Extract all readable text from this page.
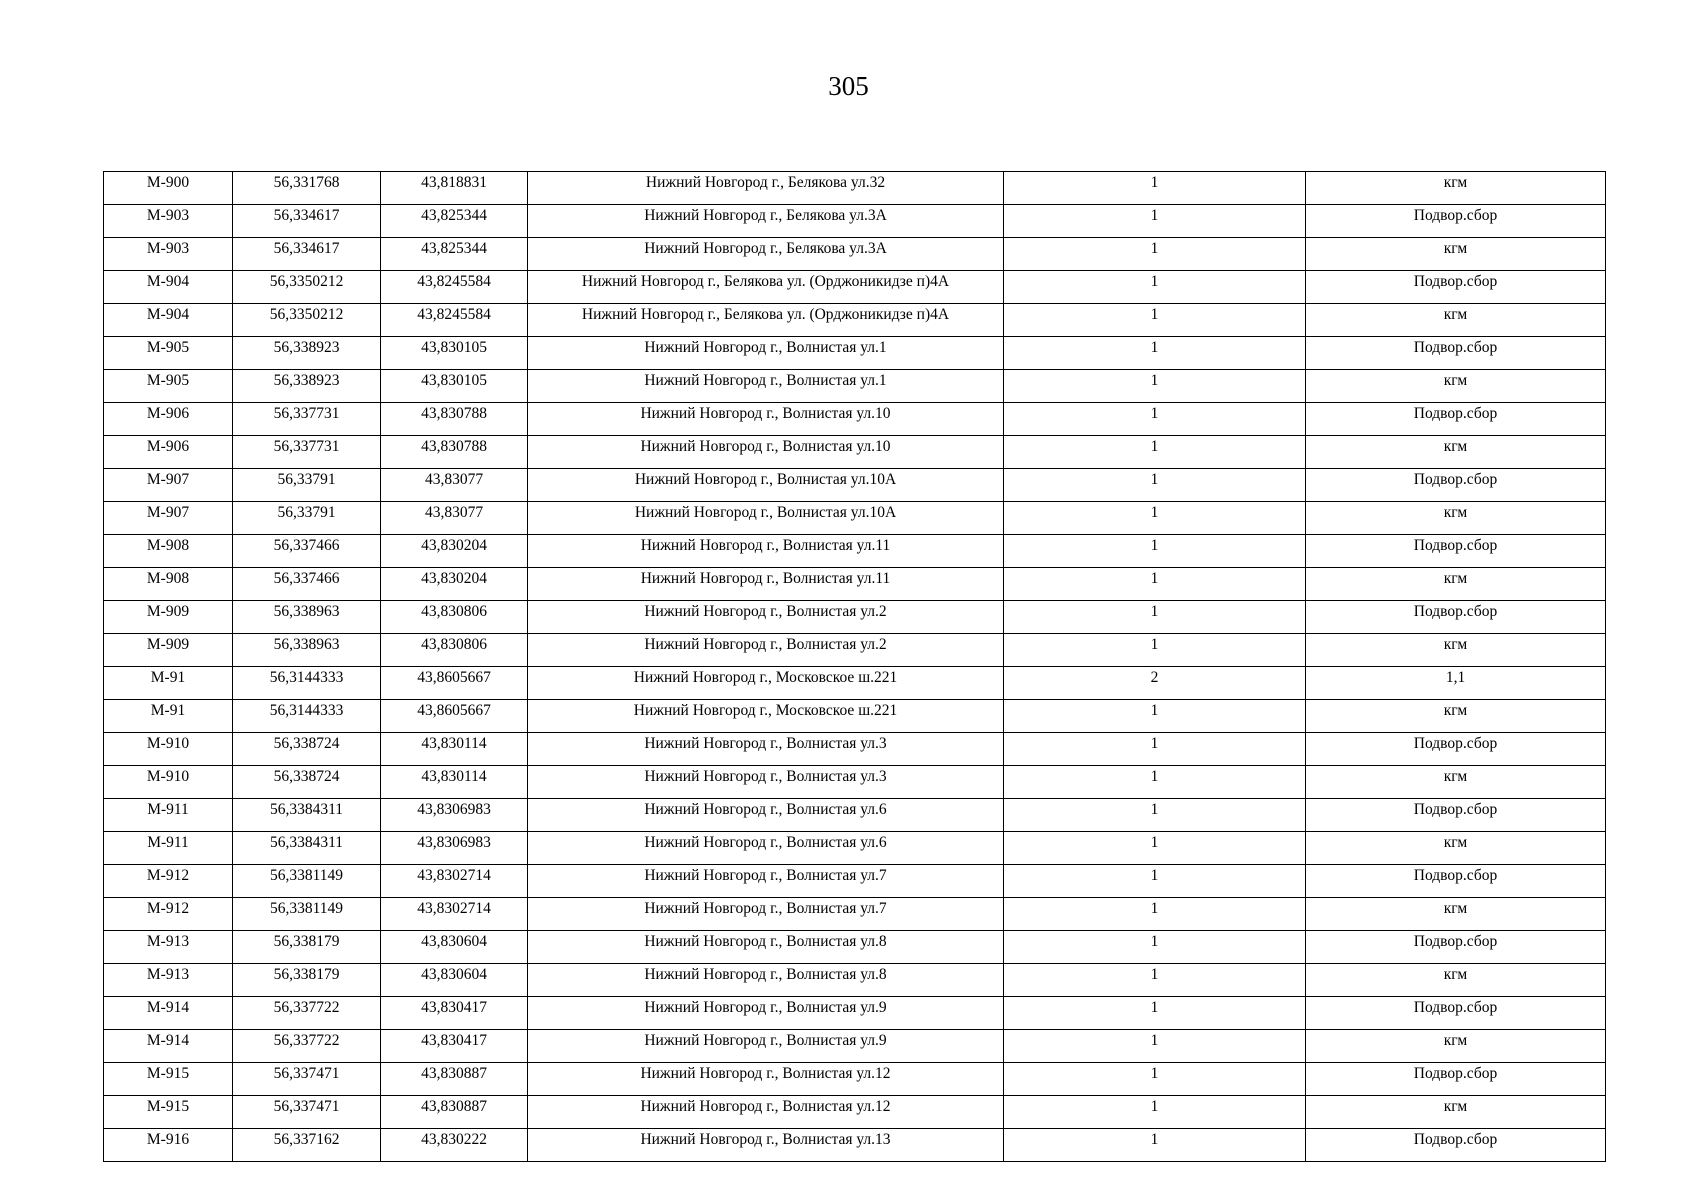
305
М-900	56,331768	43,818831	Нижний Новгород г., Белякова ул.32	1	кгм
М-903	56,334617	43,825344	Нижний Новгород г., Белякова ул.3А	1	Подвор.сбор
М-903	56,334617	43,825344	Нижний Новгород г., Белякова ул.3А	1	кгм
М-904	56,3350212	43,8245584	Нижний Новгород г., Белякова ул. (Орджоникидзе п)4А	1	Подвор.сбор
М-904	56,3350212	43,8245584	Нижний Новгород г., Белякова ул. (Орджоникидзе п)4А	1	кгм
М-905	56,338923	43,830105	Нижний Новгород г., Волнистая ул.1	1	Подвор.сбор
М-905	56,338923	43,830105	Нижний Новгород г., Волнистая ул.1	1	кгм
М-906	56,337731	43,830788	Нижний Новгород г., Волнистая ул.10	1	Подвор.сбор
М-906	56,337731	43,830788	Нижний Новгород г., Волнистая ул.10	1	кгм
М-907	56,33791	43,83077	Нижний Новгород г., Волнистая ул.10А	1	Подвор.сбор
М-907	56,33791	43,83077	Нижний Новгород г., Волнистая ул.10А	1	кгм
М-908	56,337466	43,830204	Нижний Новгород г., Волнистая ул.11	1	Подвор.сбор
М-908	56,337466	43,830204	Нижний Новгород г., Волнистая ул.11	1	кгм
М-909	56,338963	43,830806	Нижний Новгород г., Волнистая ул.2	1	Подвор.сбор
М-909	56,338963	43,830806	Нижний Новгород г., Волнистая ул.2	1	кгм
М-91	56,3144333	43,8605667	Нижний Новгород г., Московское ш.221	2	1,1
М-91	56,3144333	43,8605667	Нижний Новгород г., Московское ш.221	1	кгм
М-910	56,338724	43,830114	Нижний Новгород г., Волнистая ул.3	1	Подвор.сбор
М-910	56,338724	43,830114	Нижний Новгород г., Волнистая ул.3	1	кгм
М-911	56,3384311	43,8306983	Нижний Новгород г., Волнистая ул.6	1	Подвор.сбор
М-911	56,3384311	43,8306983	Нижний Новгород г., Волнистая ул.6	1	кгм
М-912	56,3381149	43,8302714	Нижний Новгород г., Волнистая ул.7	1	Подвор.сбор
М-912	56,3381149	43,8302714	Нижний Новгород г., Волнистая ул.7	1	кгм
М-913	56,338179	43,830604	Нижний Новгород г., Волнистая ул.8	1	Подвор.сбор
М-913	56,338179	43,830604	Нижний Новгород г., Волнистая ул.8	1	кгм
М-914	56,337722	43,830417	Нижний Новгород г., Волнистая ул.9	1	Подвор.сбор
М-914	56,337722	43,830417	Нижний Новгород г., Волнистая ул.9	1	кгм
М-915	56,337471	43,830887	Нижний Новгород г., Волнистая ул.12	1	Подвор.сбор
М-915	56,337471	43,830887	Нижний Новгород г., Волнистая ул.12	1	кгм
М-916	56,337162	43,830222	Нижний Новгород г., Волнистая ул.13	1	Подвор.сбор
